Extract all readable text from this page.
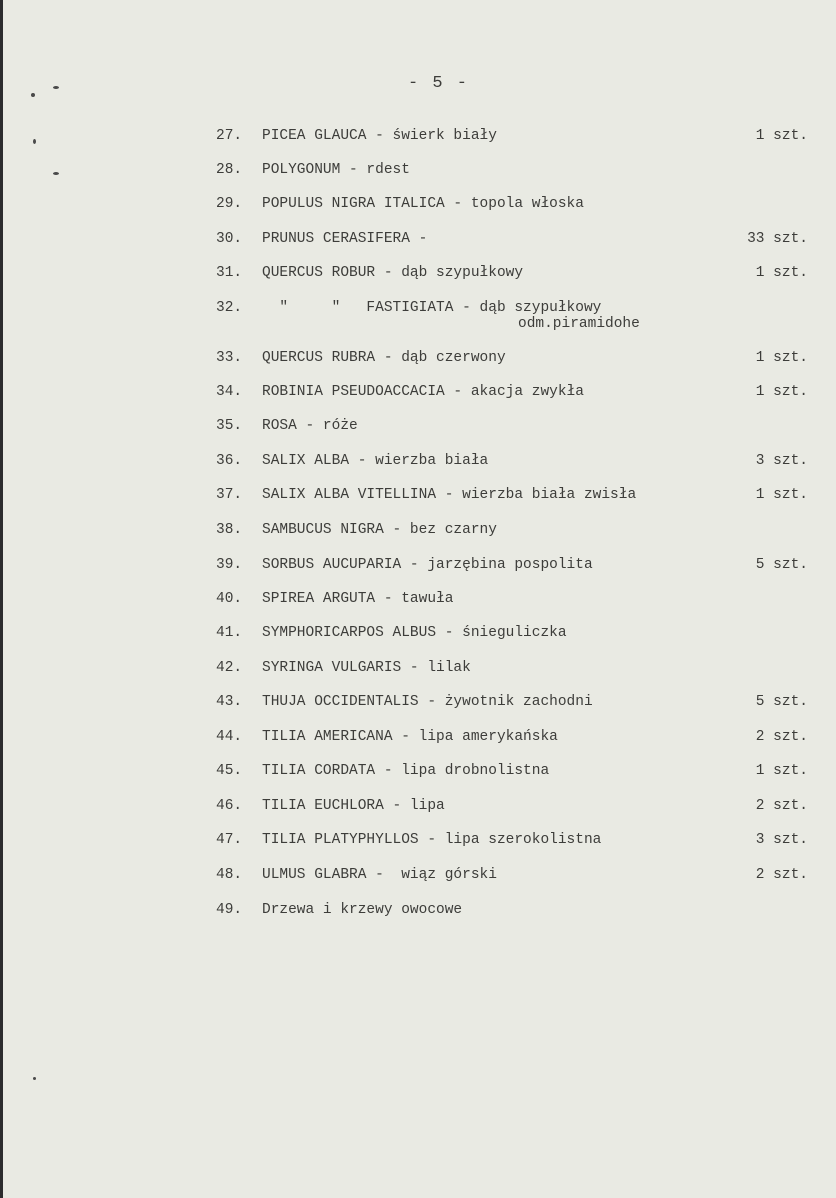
- 5 -
27. PICEA GLAUCA - świerk biały	1 szt.
28. POLYGONUM - rdest
29. POPULUS NIGRA ITALICA - topola włoska
30. PRUNUS CERASIFERA -	33 szt.
31. QUERCUS ROBUR - dąb szypułkowy	1 szt.
32. "     "   FASTIGIATA - dąb szypułkowy
odm.piramidohe
33. QUERCUS RUBRA - dąb czerwony	1 szt.
34. ROBINIA PSEUDOACCACIA - akacja zwykła	1 szt.
35. ROSA - róże
36. SALIX ALBA - wierzba biała	3 szt.
37. SALIX ALBA VITELLINA - wierzba biała zwisła	1 szt.
38. SAMBUCUS NIGRA - bez czarny
39. SORBUS AUCUPARIA - jarzębina pospolita	5 szt.
40. SPIREA ARGUTA - tawuła
41. SYMPHORICARPOS ALBUS - śnieguliczka
42. SYRINGA VULGARIS - lilak
43. THUJA OCCIDENTALIS - żywotnik zachodni	5 szt.
44. TILIA AMERICANA - lipa amerykańska	2 szt.
45. TILIA CORDATA - lipa drobnolistna	1 szt.
46. TILIA EUCHLORA - lipa	2 szt.
47. TILIA PLATYPHYLLOS - lipa szerokolistna	3 szt.
48. ULMUS GLABRA -  wiąz górski	2 szt.
49. Drzewa i krzewy owocowe
